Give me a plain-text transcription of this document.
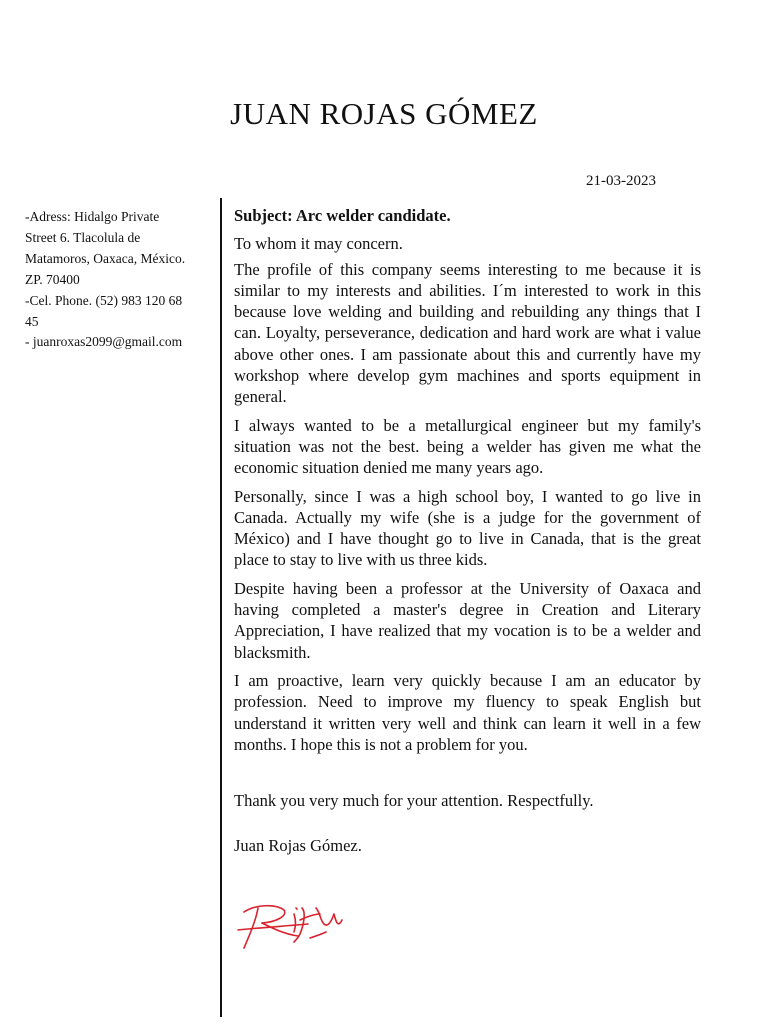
JUAN ROJAS GÓMEZ
21-03-2023
-Adress: Hidalgo Private
Street 6. Tlacolula de
Matamoros, Oaxaca, México.
ZP. 70400
-Cel. Phone. (52) 983 120 68
45
- juanroxas2099@gmail.com

Subject: Arc welder candidate.

To whom it may concern.

The profile of this company seems interesting to me because it is similar to my interests and abilities. I´m interested to work in this because love welding and building and rebuilding any things that I can. Loyalty, perseverance, dedication and hard work are what i value above other ones. I am passionate about this and currently have my workshop where develop gym machines and sports equipment in general.

I always wanted to be a metallurgical engineer but my family's situation was not the best. being a welder has given me what the economic situation denied me many years ago.

Personally, since I was a high school boy, I wanted to go live in Canada. Actually my wife (she is a judge for the government of México) and I have thought go to live in Canada, that is the great place to stay to live with us three kids.

Despite having been a professor at the University of Oaxaca and having completed a master's degree in Creation and Literary Appreciation, I have realized that my vocation is to be a welder and blacksmith.

I am proactive, learn very quickly because I am an educator by profession. Need to improve my fluency to speak English but understand it written very well and think can learn it well in a few months. I hope this is not a problem for you.

Thank you very much for your attention. Respectfully.

Juan Rojas Gómez.
